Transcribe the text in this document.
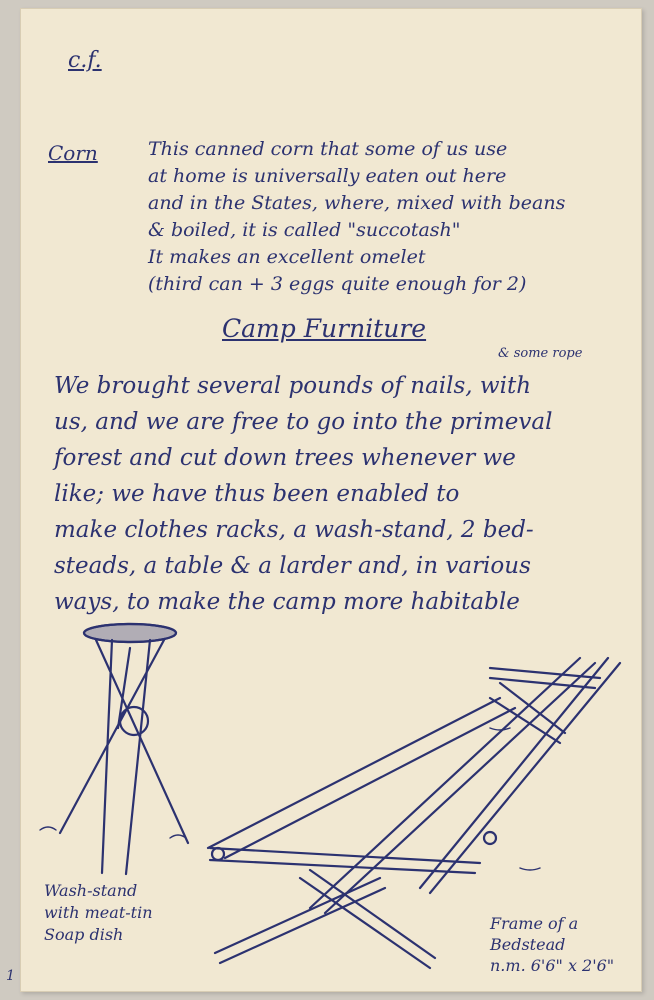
c.f.
Corn	This canned corn that some of us use
at home is universally eaten out here
and in the States, where, mixed with beans
& boiled, it is called "succotash"
It makes an excellent omelet
(third can + 3 eggs quite enough for 2)
Camp Furniture
& some rope
We brought several pounds of nails, with
us, and we are free to go into the primeval
forest and cut down trees whenever we
like; we have thus been enabled to
make clothes racks, a wash-stand, 2 bed-
steads, a table & a larder and, in various
ways, to make the camp more habitable
Wash-stand
with meat-tin
Soap dish
Frame of a
Bedstead
n.m. 6'6" x 2'6"
1
